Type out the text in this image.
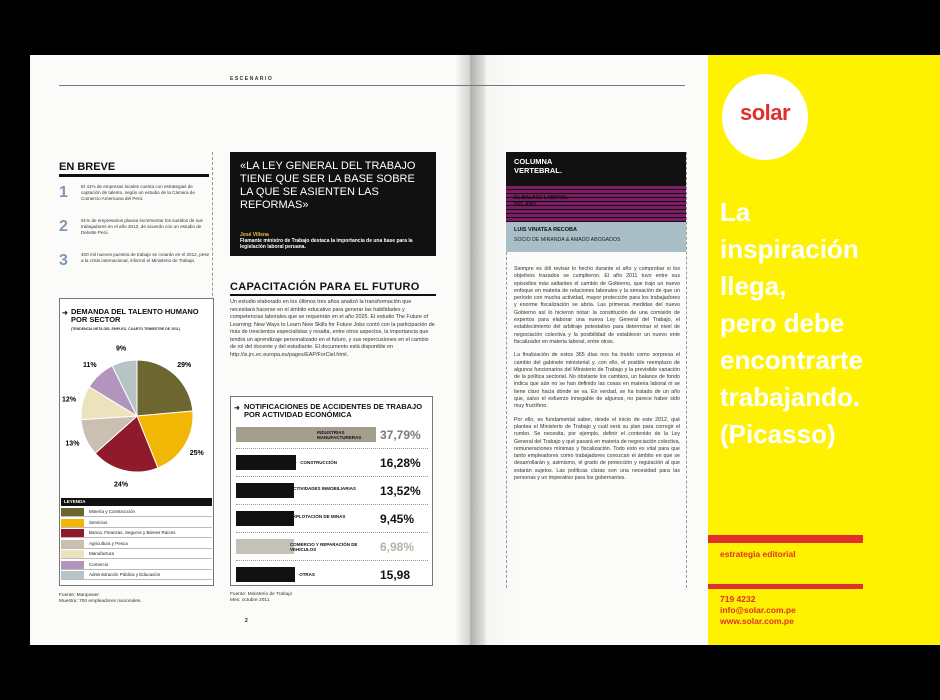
ESCENARIO
EN BREVE
1	El 41% de empresas locales cuenta con estrategias de captación de talento, según un estudio de la Cámara de Comercio Americana del Perú.
2	61% de empresarios planea incrementar los sueldos de sus trabajadores en el año 2012, de acuerdo con un estudio de Deloitte Perú.
3	400 mil nuevos puestos de trabajo se crearán en el 2012, pese a la crisis internacional, informó el Ministerio de Trabajo.
➜ DEMANDA DEL TALENTO HUMANO POR SECTOR
(TENDENCIA NETA DEL EMPLEO, CUARTO TRIMESTRE DE 2011)
29%
25%
24%
13%
12%
11%
9%
LEYENDA
Minería y Construcción
Servicios
Banca, Finanzas, Seguros y Bienes Raíces
Agricultura y Pesca
Manufactura
Comercio
Administración Pública y Educación
Fuente: Manpower
Muestra: 700 empleadores nacionales.
«LA LEY GENERAL DEL TRABAJO TIENE QUE SER LA BASE SOBRE LA QUE SE ASIENTEN LAS REFORMAS»
José Villena
Flamante ministro de Trabajo destaca la importancia de una base para la legislación laboral peruana.
CAPACITACIÓN PARA EL FUTURO
Un estudio elaborado en los últimos tres años analizó la transformación que necesitará hacerse en el ámbito educativo para generar las habilidades y competencias laborales que se requerirán en el año 2025. El estudio The Future of Learning: New Ways to Learn New Skills for Future Jobs contó con la participación de más de trescientos especialistas y resalta, entre otros aspectos, la importancia que tendrá un aprendizaje personalizado en el futuro, y sus repercusiones en el cambio de rol del docente y del estudiante. El documento está disponible en http://is.jrc.ec.europa.eu/pages/EAP/ForCiel.html.
➜ NOTIFICACIONES DE ACCIDENTES DE TRABAJO POR ACTIVIDAD ECONÓMICA
INDUSTRIAS MANUFACTURERAS	37,79%
CONSTRUCCIÓN	16,28%
ACTIVIDADES INMOBILIARIAS	13,52%
EXPLOTACIÓN DE MINAS	9,45%
COMERCIO Y REPARACIÓN DE VEHÍCULOS	6,98%
OTRAS	15,98
Fuente: Ministerio de Trabajo
Mes: octubre 2011
COLUMNA
VERTEBRAL.
EL BALACE LABORAL
DEL AÑO
LUIS VINATEA RECOBA
SOCIO DE MIRANDA & AMADO ABOGADOS

Siempre es útil revisar lo hecho durante el año y comprobar si los objetivos trazados se cumplieron. El año 2011 tuvo entre sus episodios más saltantes el cambio de Gobierno, que trajo un nuevo enfoque en materia de relaciones laborales y la sensación de que un período con mucha actividad, mayor protección para los trabajadores y enorme fiscalización se abría. Las primeras medidas del nuevo Gobierno así lo hicieron notar: la constitución de una comisión de expertos para elaborar una nueva Ley General del Trabajo, el establecimiento del arbitraje potestativo para determinar el nivel de negociación colectiva y la posibilidad de establecer un nuevo ente fiscalizador en materia laboral, entre otras.

La finalización de estos 365 días nos ha traído como sorpresa el cambio del gabinete ministerial y, con ello, el posible reemplazo de algunos funcionarios del Ministerio de Trabajo y la previsible variación de la política sectorial. No obstante los cambios, un balance de fondo indica que aún no se han definido las cosas en materia laboral ni se tiene claro hacia dónde se va. En verdad, se ha tratado de un año que, salvo el esfuerzo innegable de algunos, no parece haber sido muy fructífero.

Por ello, es fundamental saber, desde el inicio de este 2012, qué plantea el Ministerio de Trabajo y cuál será su plan para corregir el rumbo. Se necesita, por ejemplo, definir el contenido de la Ley General del Trabajo y qué pasará en materia de negociación colectiva, remuneraciones mínimas y fiscalización. Todo esto es vital para que tanto empleadores como trabajadores conozcan el ámbito en que se desarrollarán y, asimismo, el grado de protección y regulación al que estarán sujetos. Las políticas claras son una necesidad para las personas y un imperativo para los gobernantes.

2
solar
La
inspiración
llega,
pero debe
encontrarte
trabajando.
(Picasso)
estrategia editorial
719 4232
info@solar.com.pe
www.solar.com.pe
